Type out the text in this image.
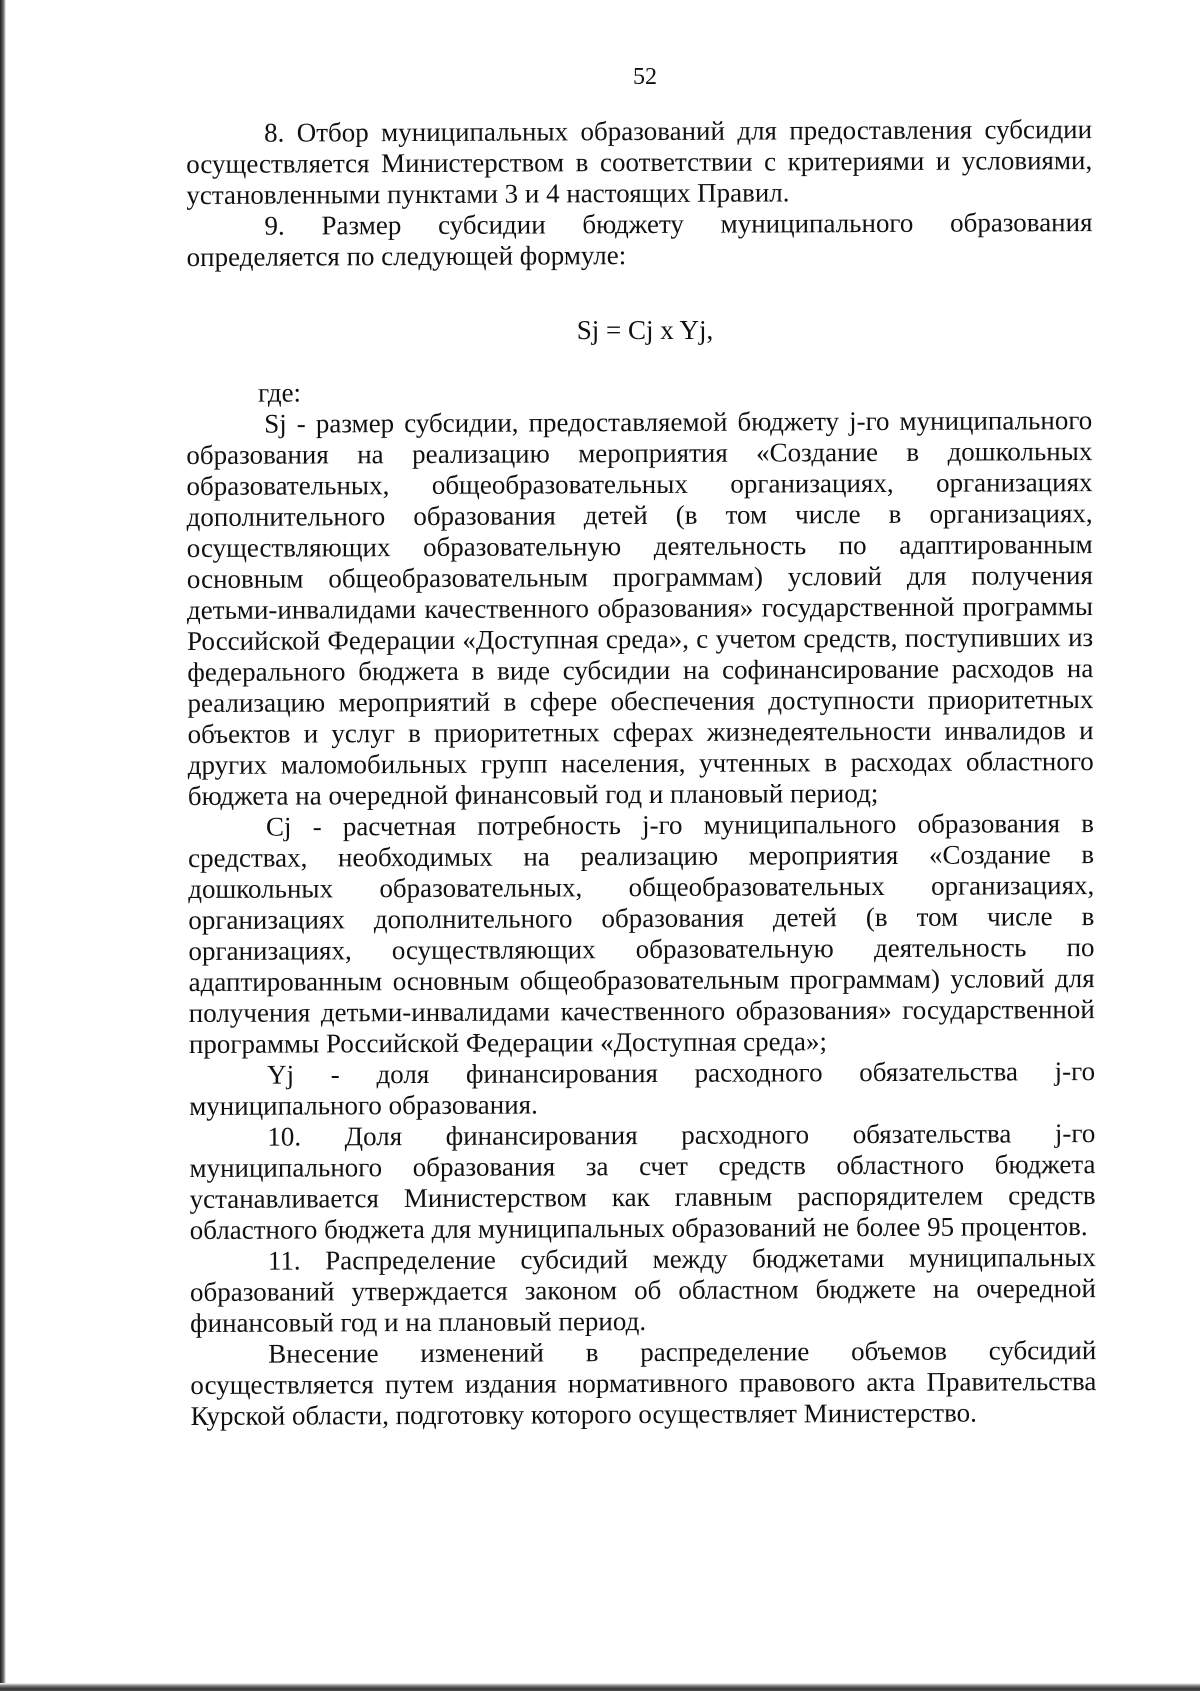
52

8. Отбор муниципальных образований для предоставления субсидии осуществляется Министерством в соответствии с критериями и условиями, установленными пунктами 3 и 4 настоящих Правил.

9. Размер субсидии бюджету муниципального образования определяется по следующей формуле:

Sj = Cj x Yj,

где:

Sj - размер субсидии, предоставляемой бюджету j-го муниципального образования на реализацию мероприятия «Создание в дошкольных образовательных, общеобразовательных организациях, организациях дополнительного образования детей (в том числе в организациях, осуществляющих образовательную деятельность по адаптированным основным общеобразовательным программам) условий для получения детьми-инвалидами качественного образования» государственной программы Российской Федерации «Доступная среда», с учетом средств, поступивших из федерального бюджета в виде субсидии на софинансирование расходов на реализацию мероприятий в сфере обеспечения доступности приоритетных объектов и услуг в приоритетных сферах жизнедеятельности инвалидов и других маломобильных групп населения, учтенных в расходах областного бюджета на очередной финансовый год и плановый период;

Cj - расчетная потребность j-го муниципального образования в средствах, необходимых на реализацию мероприятия «Создание в дошкольных образовательных, общеобразовательных организациях, организациях дополнительного образования детей (в том числе в организациях, осуществляющих образовательную деятельность по адаптированным основным общеобразовательным программам) условий для получения детьми-инвалидами качественного образования» государственной программы Российской Федерации «Доступная среда»;

Yj - доля финансирования расходного обязательства j-го муниципального образования.

10. Доля финансирования расходного обязательства j-го муниципального образования за счет средств областного бюджета устанавливается Министерством как главным распорядителем средств областного бюджета для муниципальных образований не более 95 процентов.

11. Распределение субсидий между бюджетами муниципальных образований утверждается законом об областном бюджете на очередной финансовый год и на плановый период.

Внесение изменений в распределение объемов субсидий осуществляется путем издания нормативного правового акта Правительства Курской области, подготовку которого осуществляет Министерство.
